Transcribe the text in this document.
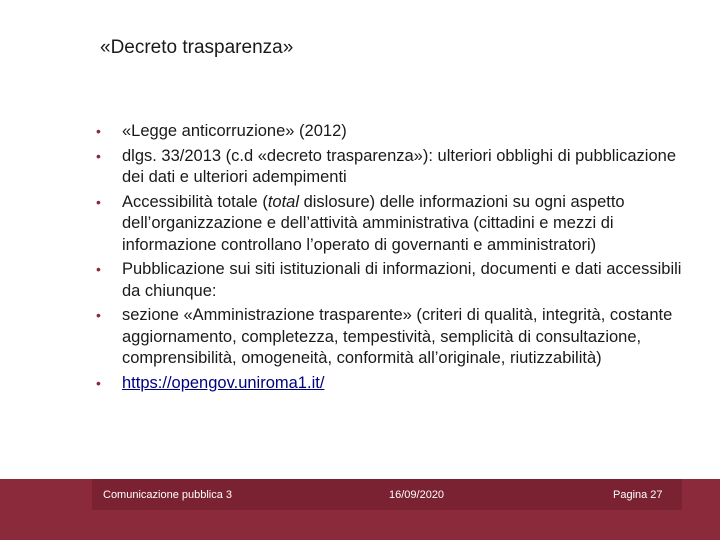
«Decreto trasparenza»
• «Legge anticorruzione» (2012)
• dlgs. 33/2013 (c.d «decreto trasparenza»): ulteriori obblighi di pubblicazione dei dati e ulteriori adempimenti
• Accessibilità totale (total dislosure) delle informazioni su ogni aspetto dell’organizzazione e dell’attività amministrativa (cittadini e mezzi di informazione controllano l’operato di governanti e amministratori)
• Pubblicazione sui siti istituzionali di informazioni, documenti e dati accessibili da chiunque:
• sezione «Amministrazione trasparente» (criteri di qualità, integrità, costante aggiornamento, completezza, tempestività, semplicità di consultazione, comprensibilità, omogeneità, conformità all’originale, riutizzabilità)
• https://opengov.uniroma1.it/
Comunicazione pubblica 3	16/09/2020	Pagina 27
